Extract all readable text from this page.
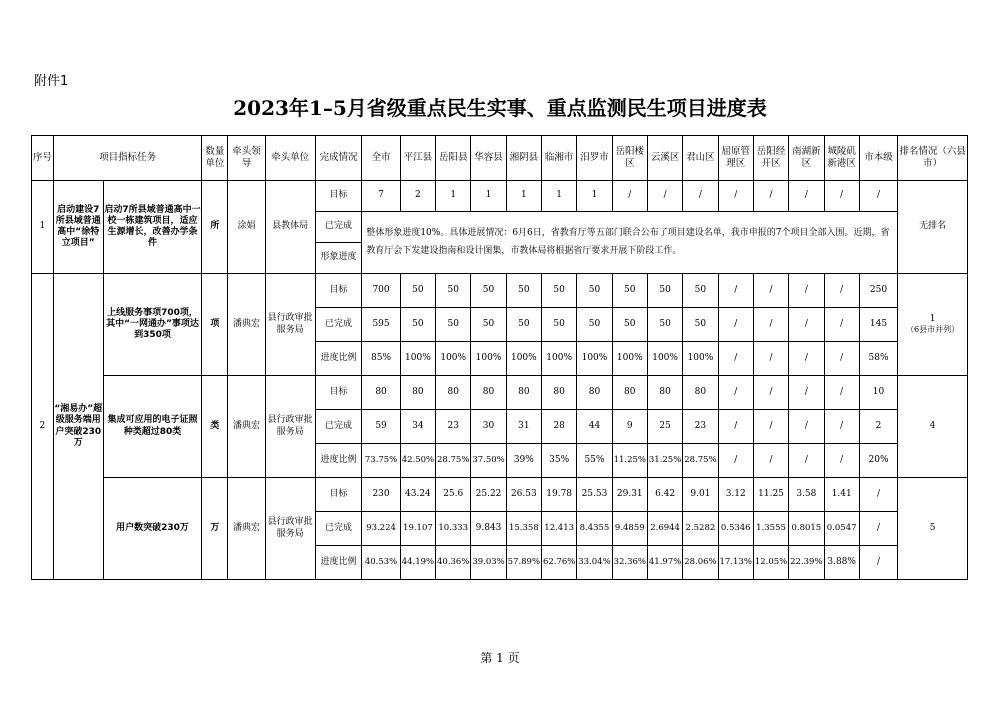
附件1
2023年1–5月省级重点民生实事、重点监测民生项目进度表
序号	项目指标任务		数量单位	牵头领导	牵头单位	完成情况	全市	平江县	岳阳县	华容县	湘阴县	临湘市	汨罗市	岳阳楼区	云溪区	君山区	屈原管理区	岳阳经开区	南湖新区	城陵矶新港区	市本级	排名情况（六县市）
1	启动建设7所县域普通高中“徐特立项目”	启动7所县域普通高中一校一栋建筑项目，适应生源增长，改善办学条件	所	涂娟	县教体局	目标	7	2	1	1	1	1	1	/	/	/	/	/	/	/	/	无排名
						已完成	整体形象进度10%。具体进展情况：6月6日，省教育厅等五部门联合公布了项目建设名单，我市申报的7个项目全部入围。近期，省教育厅会下发建设指南和设计图集，市教体局将根据省厅要求开展下阶段工作。															
						形象进度																
2	“湘易办”超级服务端用户突破230万	上线服务事项700项，其中“一网通办”事项达到350项	项	潘典宏	县行政审批服务局	目标	700	50	50	50	50	50	50	50	50	50	/	/	/	/	250	1
（6县市并列）

						已完成	595	50	50	50	50	50	50	50	50	50	/	/	/	/	145	
						进度比例	85%	100%	100%	100%	100%	100%	100%	100%	100%	100%	/	/	/	/	58%	
		集成可应用的电子证照种类超过80类	类	潘典宏	县行政审批服务局	目标	80	80	80	80	80	80	80	80	80	80	/	/	/	/	10	4

						已完成	59	34	23	30	31	28	44	9	25	23	/	/	/	/	2	
						进度比例	73.75%	42.50%	28.75%	37.50%	39%	35%	55%	11.25%	31.25%	28.75%	/	/	/	/	20%	
		用户数突破230万	万	潘典宏	县行政审批服务局	目标	230	43.24	25.6	25.22	26.53	19.78	25.53	29.31	6.42	9.01	3.12	11.25	3.58	1.41	/	5

						已完成	93.224	19.107	10.333	9.843	15.358	12.413	8.4355	9.4859	2.6944	2.5282	0.5346	1.3555	0.8015	0.0547	/	
						进度比例	40.53%	44.19%	40.36%	39.03%	57.89%	62.76%	33.04%	32.36%	41.97%	28.06%	17.13%	12.05%	22.39%	3.88%	/	
第 1 页
